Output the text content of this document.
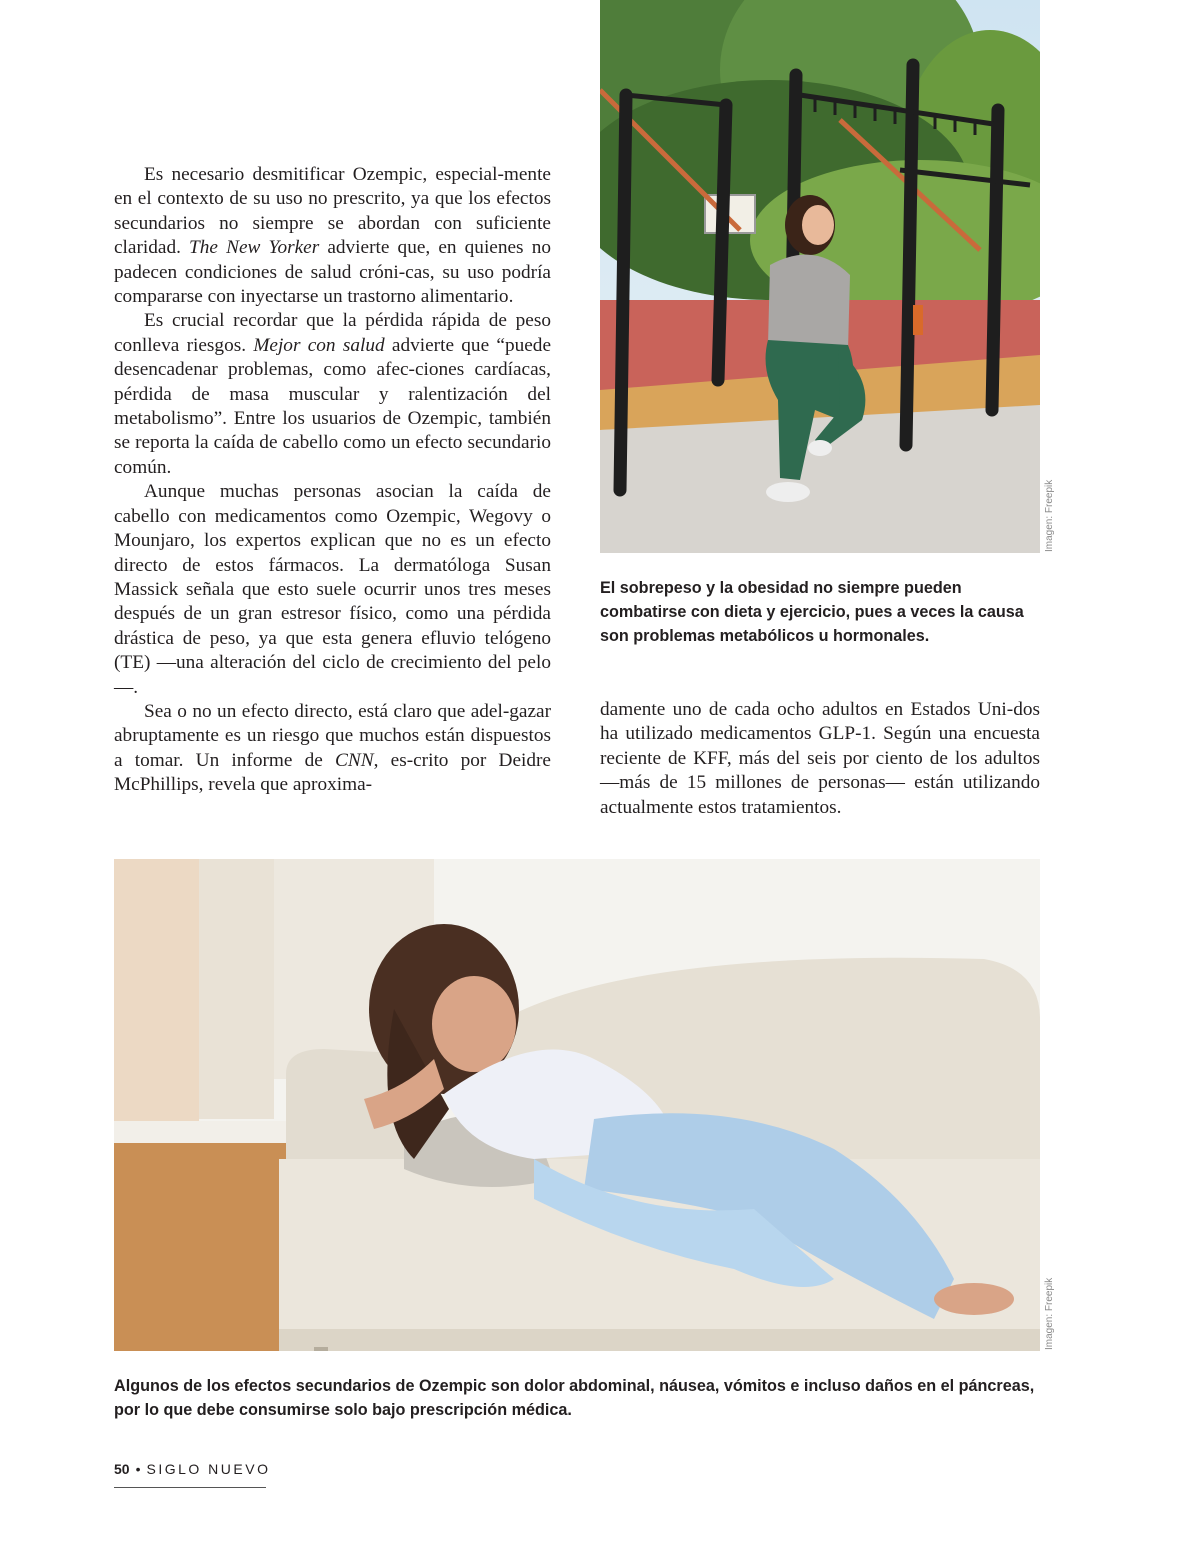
Es necesario desmitificar Ozempic, especial-mente en el contexto de su uso no prescrito, ya que los efectos secundarios no siempre se abordan con suficiente claridad. The New Yorker advierte que, en quienes no padecen condiciones de salud cróni-cas, su uso podría compararse con inyectarse un trastorno alimentario.

Es crucial recordar que la pérdida rápida de peso conlleva riesgos. Mejor con salud advierte que “puede desencadenar problemas, como afec-ciones cardíacas, pérdida de masa muscular y ralentización del metabolismo”. Entre los usuarios de Ozempic, también se reporta la caída de cabello como un efecto secundario común.

Aunque muchas personas asocian la caída de cabello con medicamentos como Ozempic, Wegovy o Mounjaro, los expertos explican que no es un efecto directo de estos fármacos. La dermatóloga Susan Massick señala que esto suele ocurrir unos tres meses después de un gran estresor físico, como una pérdida drástica de peso, ya que esta genera efluvio telógeno (TE) —una alteración del ciclo de crecimiento del pelo—.

Sea o no un efecto directo, está claro que adel-gazar abruptamente es un riesgo que muchos están dispuestos a tomar. Un informe de CNN, es-crito por Deidre McPhillips, revela que aproxima-

Imagen: Freepik
El sobrepeso y la obesidad no siempre pueden combatirse con dieta y ejercicio, pues a veces la causa son problemas metabólicos u hormonales.

damente uno de cada ocho adultos en Estados Uni-dos ha utilizado medicamentos GLP-1. Según una encuesta reciente de KFF, más del seis por ciento de los adultos —más de 15 millones de personas— están utilizando actualmente estos tratamientos.

Imagen: Freepik
Algunos de los efectos secundarios de Ozempic son dolor abdominal, náusea, vómitos e incluso daños en el páncreas, por lo que debe consumirse solo bajo prescripción médica.
50 • SIGLO NUEVO
